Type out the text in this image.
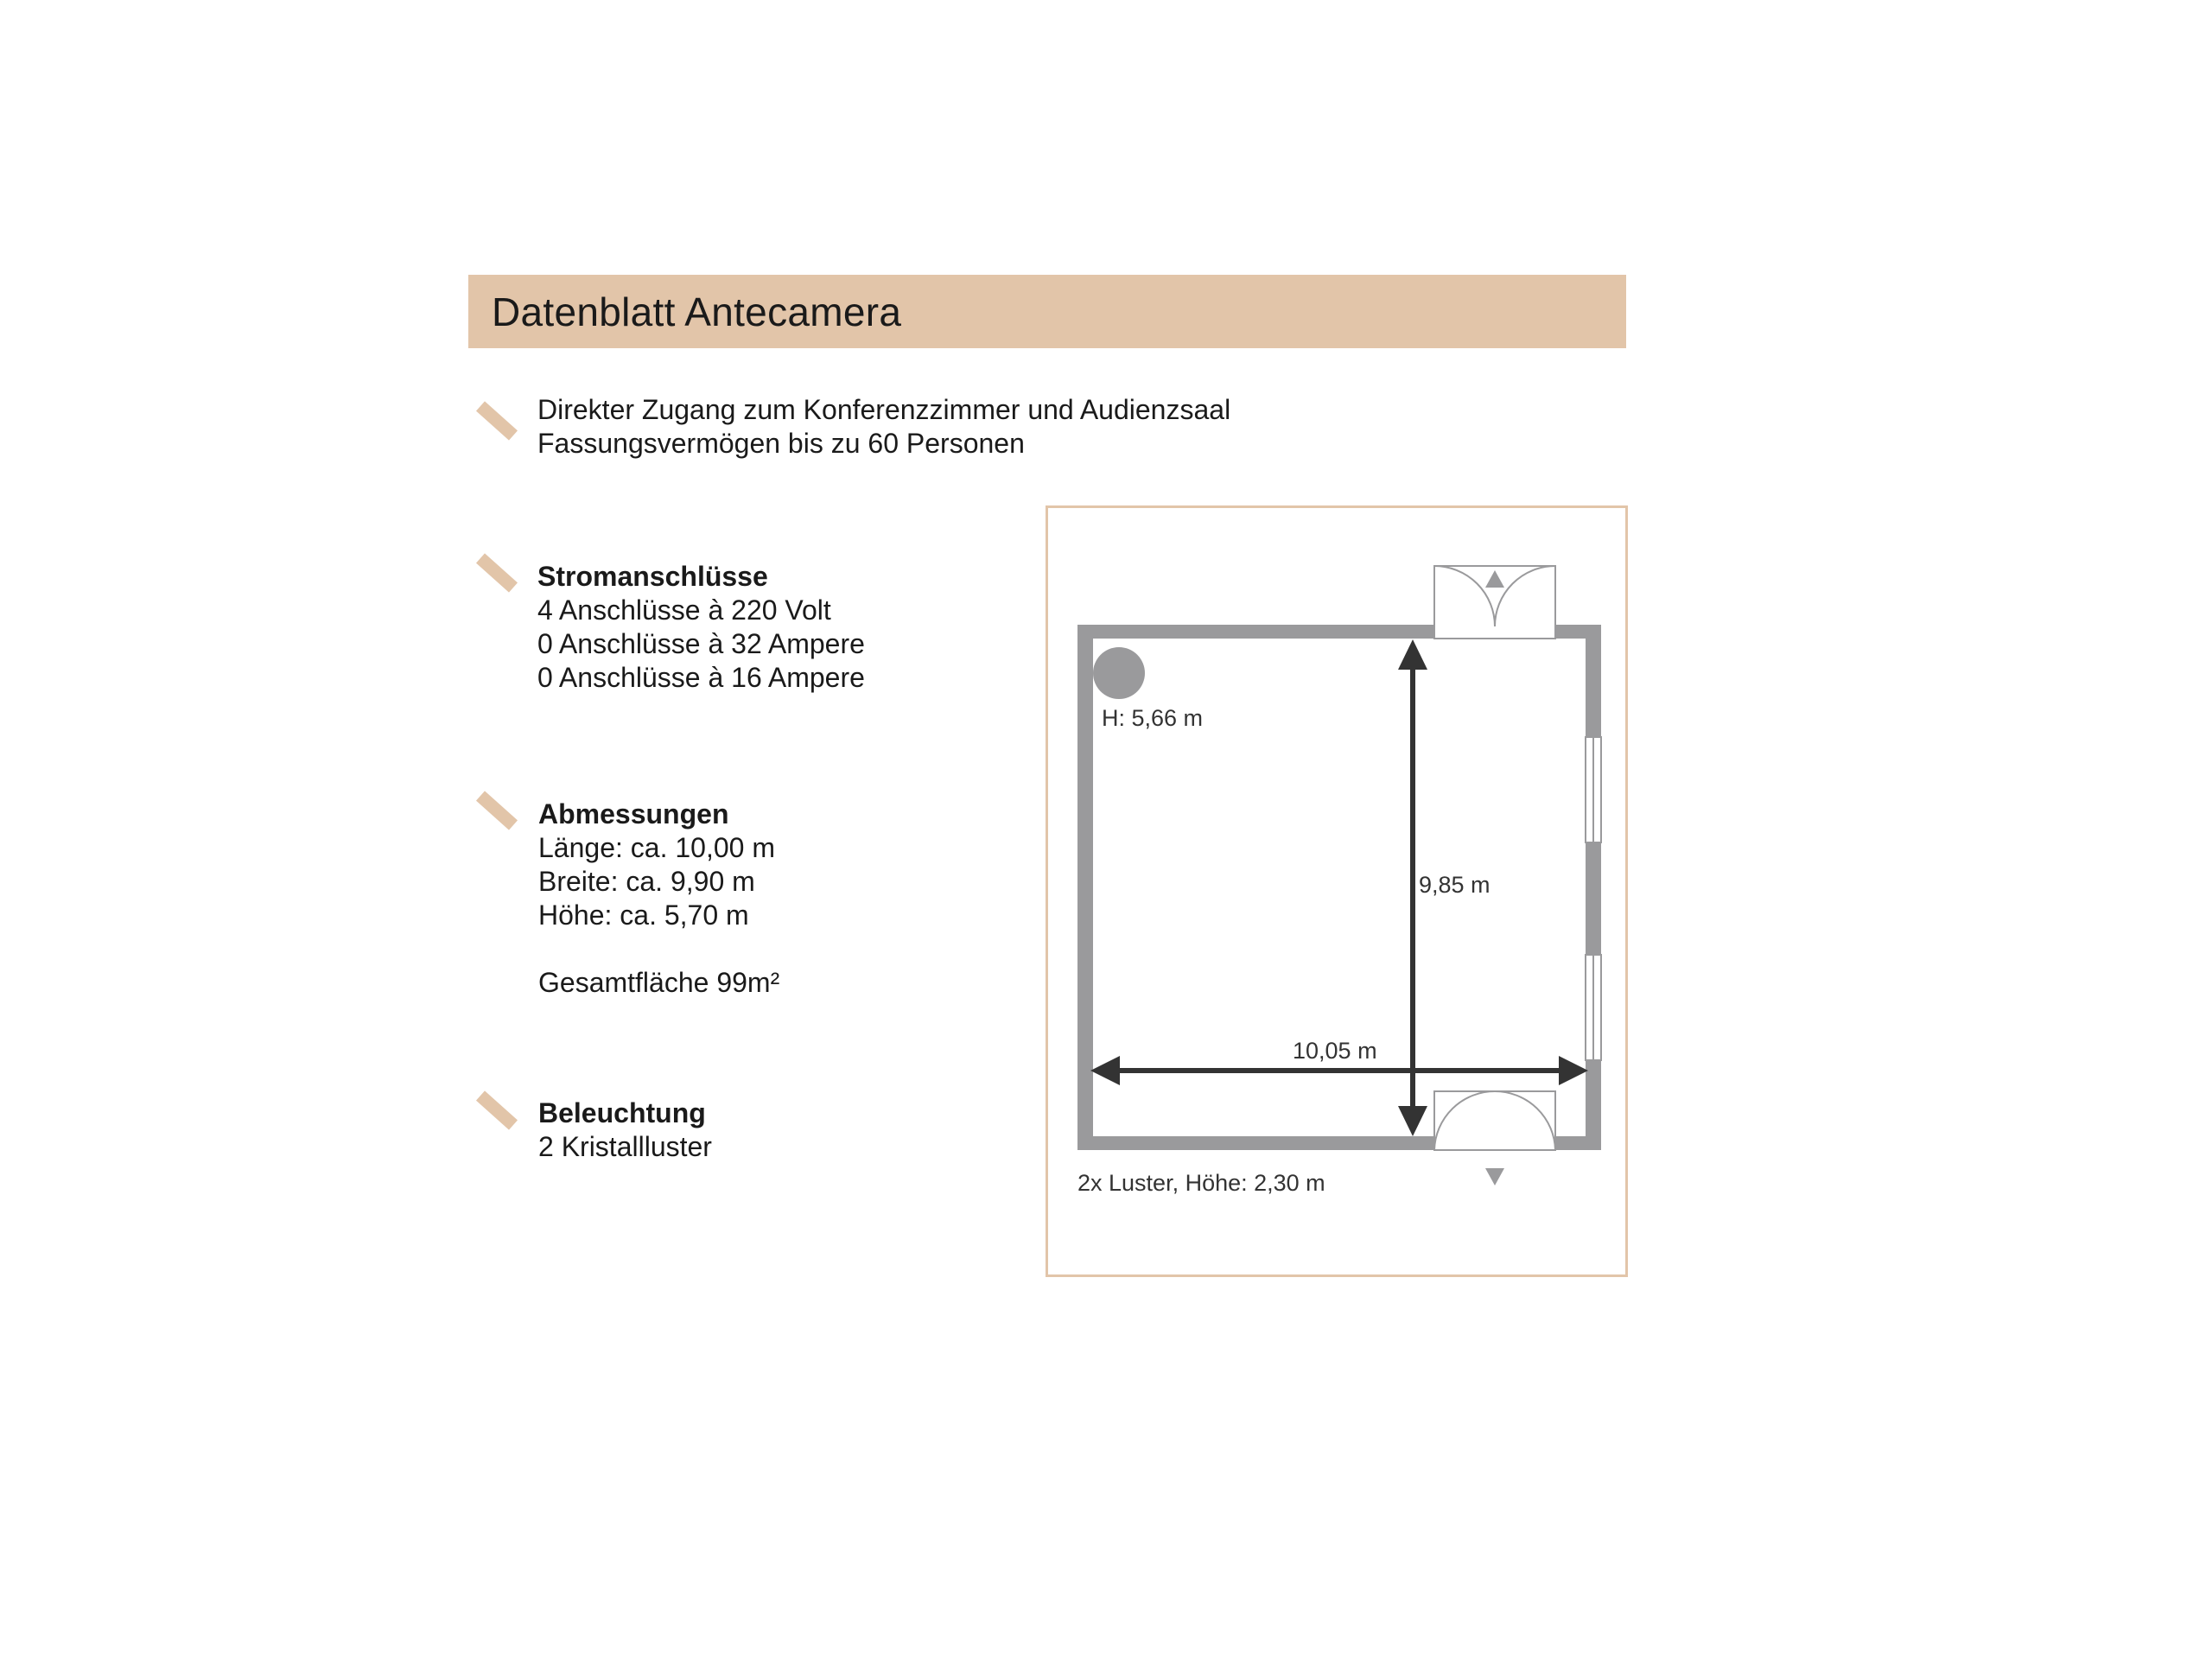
Datenblatt Antecamera

Direkter Zugang zum Konferenzzimmer und Audienzsaal

Fassungsvermögen bis zu 60 Personen

Stromanschlüsse

4 Anschlüsse à 220 Volt

0 Anschlüsse à 32 Ampere

0 Anschlüsse à 16 Ampere

Abmessungen

Länge: ca. 10,00 m

Breite: ca. 9,90 m

Höhe: ca. 5,70 m

Gesamtfläche 99m²

Beleuchtung

2 Kristallluster

H: 5,66 m
9,85 m
10,05 m
2x Luster, Höhe: 2,30 m
